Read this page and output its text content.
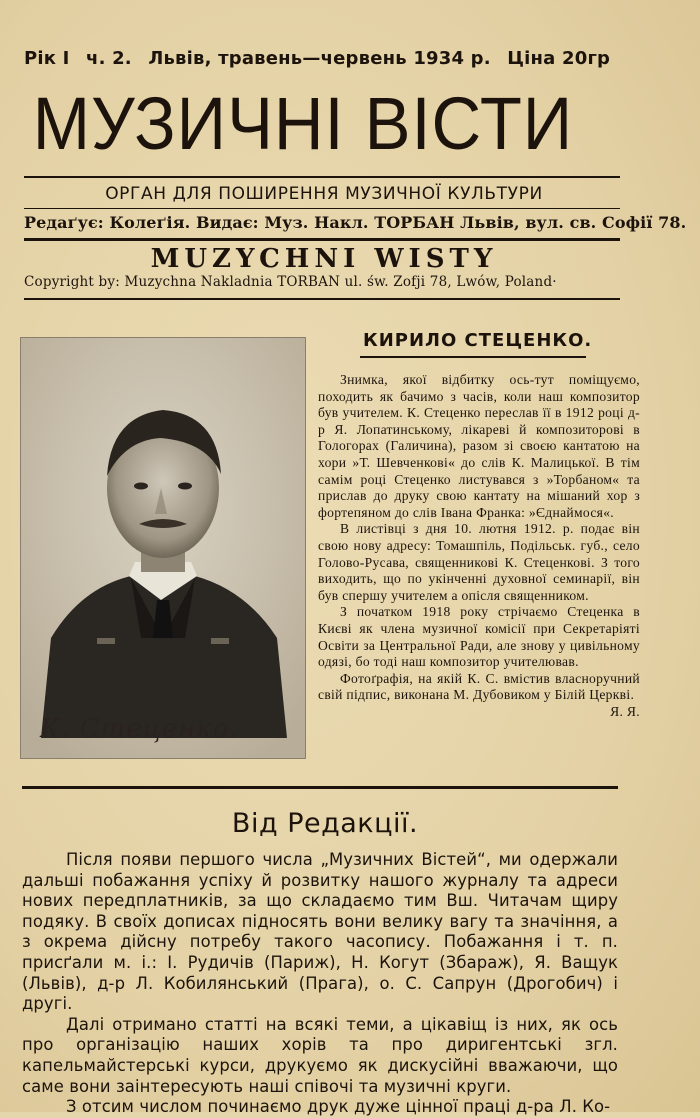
Рік І ч. 2. Львів, травень—червень 1934 р. Ціна 20гр
МУЗИЧНІ ВІСТИ
ОРГАН ДЛЯ ПОШИРЕННЯ МУЗИЧНОЇ КУЛЬТУРИ
Редаґує: Колеґія. Видає: Муз. Накл. ТОРБАН Львів, вул. св. Софії 78.
MUZYCHNI WISTY
Copyright by: Muzychna Nakladnia TORBAN ul. św. Zofji 78, Lwów, Poland·
К. Стеценко.
КИРИЛО СТЕЦЕНКО.

Знимка, якої відбитку ось-тут поміщуємо, походить як бачимо з часів, коли наш композитор був учителем. К. Стеценко переслав її в 1912 році д-р Я. Лопатинському, лікареві й композиторові в Гологорах (Галичина), разом зі своєю кантатою на хори »Т. Шевченкові« до слів К. Малицької. В тім самім році Стеценко листувався з »Торбаном« та прислав до друку свою кантату на мішаний хор з фортепяном до слів Івана Франка: »Єднаймося«.

В листівці з дня 10. лютня 1912. р. подає він свою нову адресу: Томашпіль, Подільськ. губ., село Голово-Русава, священникові К. Стеценкові. З того виходить, що по укінченні духовної семинарії, він був спершу учителем а опісля священником.

З початком 1918 року стрічаємо Стеценка в Києві як члена музичної комісії при Секретаріяті Освіти за Центральної Ради, але знову у цивільному одязі, бо тоді наш композитор учителював.

Фотоґрафія, на якій К. С. вмістив власноручний свій підпис, виконана М. Дубовиком у Білій Церкві.

Я. Я.
Від Редакції.

Після появи першого числа „Музичних Вістей“, ми одержали дальші побажання успіху й розвитку нашого журналу та адреси нових передплатників, за що складаємо тим Вш. Читачам щиру подяку. В своїх дописах підносять вони велику вагу та значіння, а з окрема дійсну потребу такого часопису. Побажання і т. п. присґали м. і.: І. Рудичів (Париж), Н. Когут (Збараж), Я. Ващук (Львів), д-р Л. Кобилянський (Прага), о. С. Сапрун (Дрогобич) і другі.

Далі отримано статті на всякі теми, а цікавіщ із них, як ось про організацію наших хорів та про диригентські згл. капельмайстерські курси, друкуємо як дискусійні вважаючи, що саме вони заінтересують наші співочі та музичні круги.

З отсим числом починаємо друк дуже цінної праці д-ра Л. Ко-
